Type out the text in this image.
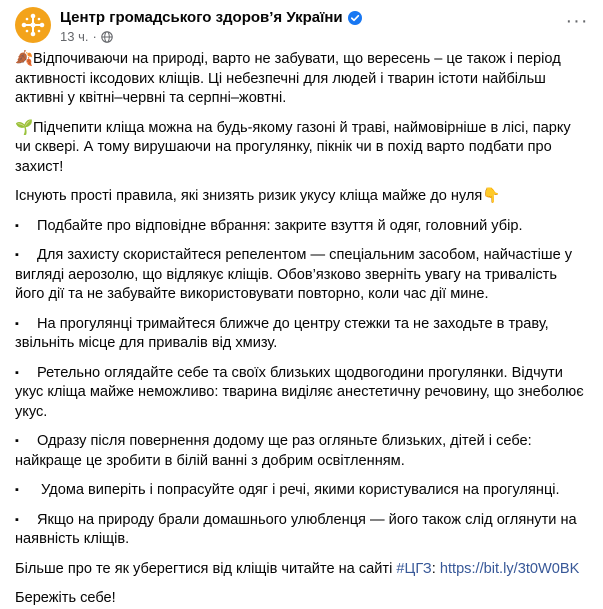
Центр громадського здоров’я України
13 ч. ·
···

🍂Відпочиваючи на природі, варто не забувати, що вересень – це також і період активності іксодових кліщів. Ці небезпечні для людей і тварин істоти найбільш активні у квітні–червні та серпні–жовтні.

🌱Підчепити кліща можна на будь-якому газоні й траві, наймовірніше в лісі, парку чи сквері. А тому вирушаючи на прогулянку, пікнік чи в похід варто подбати про захист!

Існують прості правила, які знизять ризик укусу кліща майже до нуля👇

▪ Подбайте про відповідне вбрання: закрите взуття й одяг, головний убір.

▪ Для захисту скористайтеся репелентом — спеціальним засобом, найчастіше у вигляді аерозолю, що відлякує кліщів. Обов’язково зверніть увагу на тривалість його дії та не забувайте використовувати повторно, коли час дії мине.

▪ На прогулянці тримайтеся ближче до центру стежки та не заходьте в траву, звільніть місце для привалів від хмизу.

▪ Ретельно оглядайте себе та своїх близьких щодвогодини прогулянки. Відчути укус кліща майже неможливо: тварина виділяє анестетичну речовину, що знеболює укус.

▪ Одразу після повернення додому ще раз огляньте близьких, дітей і себе: найкраще це зробити в білій ванні з добрим освітленням.

▪ Удома виперіть і попрасуйте одяг і речі, якими користувалися на прогулянці.

▪ Якщо на природу брали домашнього улюбленця — його також слід оглянути на наявність кліщів.

Більше про те як уберегтися від кліщів читайте на сайті #ЦГЗ: https://bit.ly/3t0W0BK

Бережіть себе!
